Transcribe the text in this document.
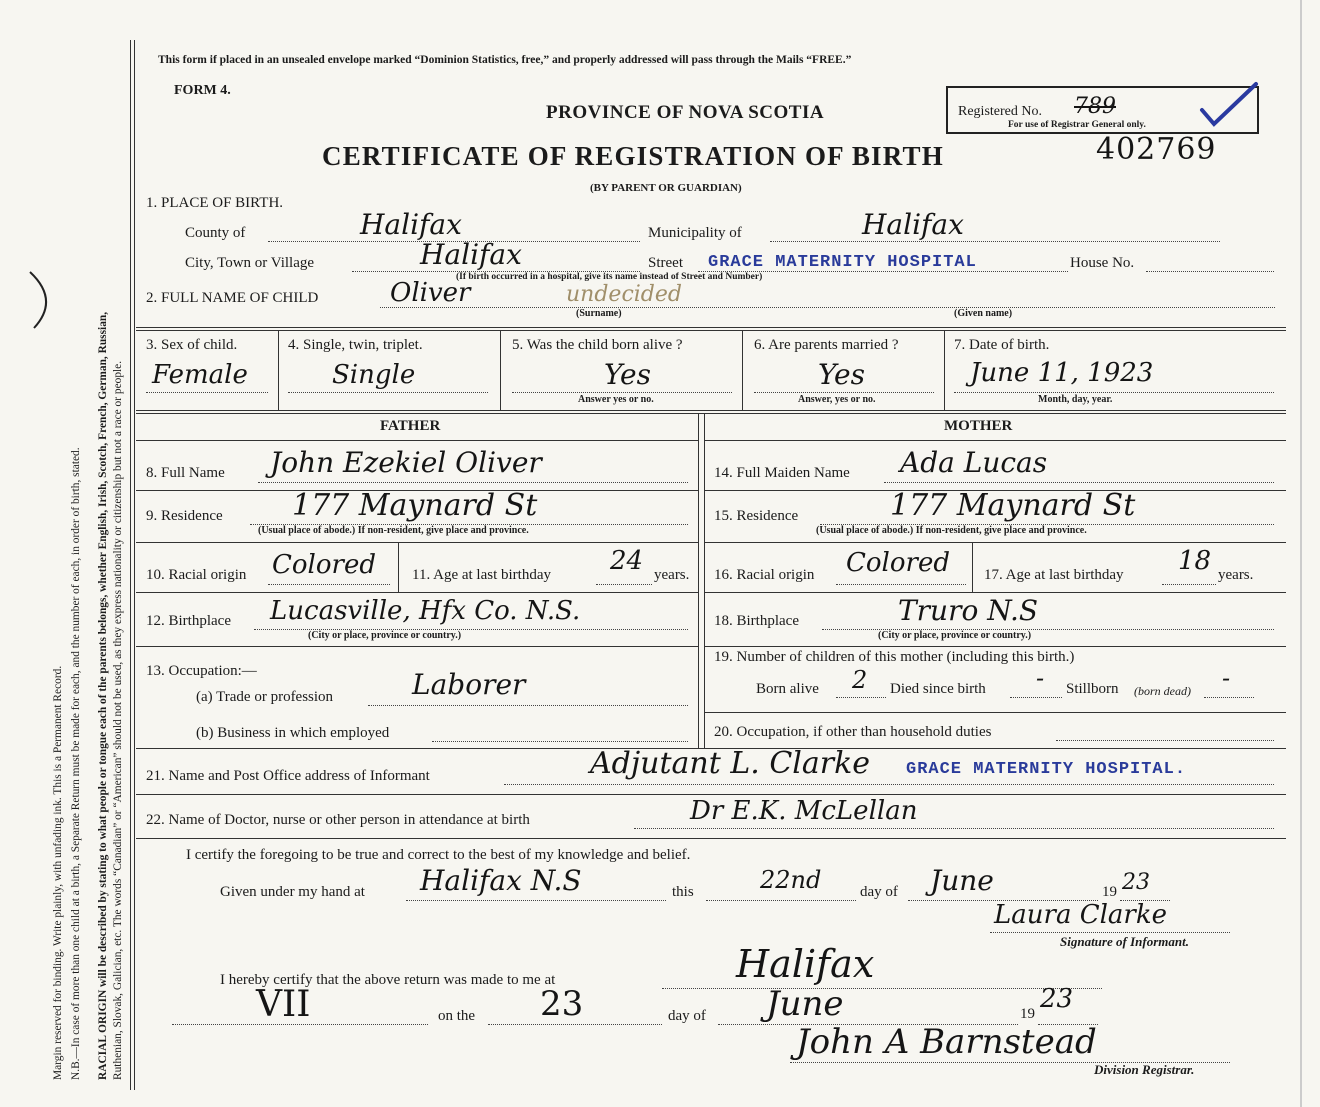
Margin reserved for binding. Write plainly, with unfading ink. This is a Permanent Record. N.B.—In case of more than one child at a birth, a Separate Return must be made for each, and the number of each, in order of birth, stated. RACIAL ORIGIN will be described by stating to what people or tongue each of the parents belongs, whether English, Irish, Scotch, French, German, Russian, Ruthenian, Slovak, Galician, etc. The words “Canadian” or “American” should not be used, as they express nationality or citizenship but not a race or people.
This form if placed in an unsealed envelope marked “Dominion Statistics, free,” and properly addressed will pass through the Mails “FREE.”
FORM 4.
PROVINCE OF NOVA SCOTIA
CERTIFICATE OF REGISTRATION OF BIRTH	402769
(BY PARENT OR GUARDIAN)
Registered No. 789
For use of Registrar General only.
1. PLACE OF BIRTH.
County of	Halifax	Municipality of	Halifax
City, Town or Village	Halifax	Street GRACE MATERNITY HOSPITAL	House No.
(If birth occurred in a hospital, give its name instead of Street and Number)
2. FULL NAME OF CHILD	Oliver	undecided
(Surname)	(Given name)
3. Sex of child.
Female
4. Single, twin, triplet.
Single
5. Was the child born alive ?
Yes
Answer yes or no.
6. Are parents married ?
Yes
Answer, yes or no.
7. Date of birth.
June 11, 1923
Month, day, year.
FATHER	MOTHER
8. Full Name John Ezekiel Oliver
9. Residence 177 Maynard St
(Usual place of abode.) If non-resident, give place and province.
10. Racial origin Colored 11. Age at last birthday 24 years.
12. Birthplace Lucasville, Hfx Co. N.S.
(City or place, province or country.)
13. Occupation:—
(a) Trade or profession	Laborer
(b) Business in which employed
14. Full Maiden Name Ada Lucas
15. Residence	177 Maynard St
(Usual place of abode.) If non-resident, give place and province.
16. Racial origin Colored 17. Age at last birthday 18 years.
18. Birthplace	Truro N.S
(City or place, province or country.)
19. Number of children of this mother (including this birth.)
Born alive 2 Died since birth - Stillborn (born dead) -
20. Occupation, if other than household duties
21. Name and Post Office address of Informant	Adjutant L. Clarke GRACE MATERNITY HOSPITAL.
22. Name of Doctor, nurse or other person in attendance at birth	Dr E.K. McLellan
I certify the foregoing to be true and correct to the best of my knowledge and belief.
Given under my hand at Halifax N.S	this	22nd	day of June	19 23
Laura Clarke
Signature of Informant.
I hereby certify that the above return was made to me at	Halifax
VII	on the 23	day of June	19 23
John A Barnstead
Division Registrar.
